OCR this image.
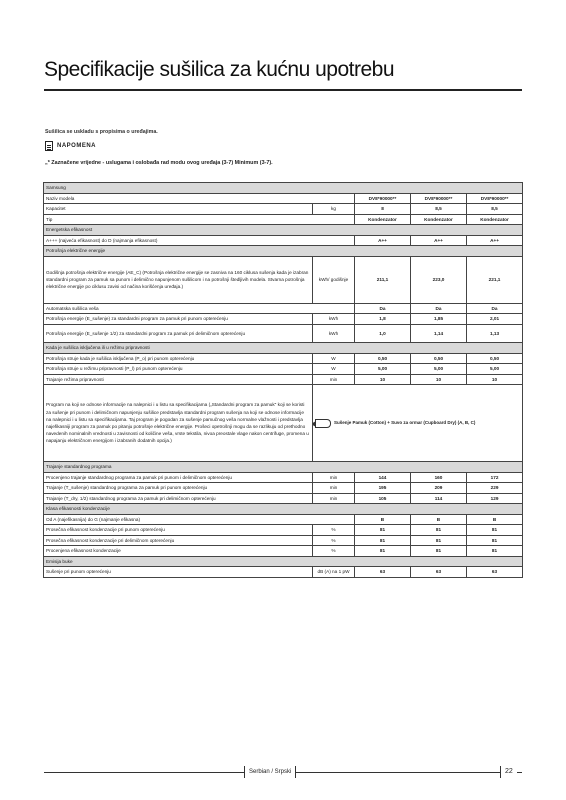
Specifikacije sušilica za kućnu upotrebu
Sušilica se uskladu s propisima o uređajima.
NAPOMENA
„* Zaznačene vrijedne - uslugama i oslobađa rad modu ovog uređaja (3-7) Minimum (3-7).
Samsung				
Naziv modela		DV8*90000**	DV8*90000**	DV8*90000**
Kapacitet	kg	8	8,5	8,5
Tip		Kondenzator	Kondenzator	Kondenzator
Energetska efikasnost				
A+++ (najveća efikasnost) do D (najmanja efikasnost)		A++	A++	A++
Potrošnja električne energije				
Godišnja potrošnja električne energije (AE_C) (Potrošnja električne energije se zasniva na 160 ciklusa sušenja kada je izabran standardni program za pamuk sa punom i delimično napunjenom sušilicom i na potrošnji štedljivih modela. Stvarna potrošnja električne energije po ciklusu zavisi od načina korišćenja uređaja.)	kWh/ godišnje	211,1	223,0	221,1
Automatska sušilica veša		Da	Da	Da
Potrošnja energije (E_sušenje) za standardni program za pamuk pri punom opterećenju	kWh	1,8	1,85	2,01
Potrošnja energije (E_sušenje 1/2) za standardni program za pamuk pri delimičnom opterećenju	kWh	1,0	1,14	1,13
Kada je sušilica isključena ili u režimu pripravnosti				
Potrošnja struje kada je sušilica isključena (P_o) pri punom opterećenju	W	0,50	0,50	0,50
Potrošnja struje u režimu pripravnosti (P_l) pri punom opterećenju	W	5,00	5,00	5,00
Trajanje režima pripravnosti	min	10	10	10
Program na koji se odnose informacije na nalepnici i u listu sa specifikacijama („Standardni program za pamuk“ koji se koristi za sušenje pri punom i delimičnom napunjenju sušilice predstavlja standardni program sušenja na koji se odnose informacije na nalepnici i u listu sa specifikacijama. Taj program je pogodan za sušenje pamučnog veša normalne vlažnosti i predstavlja najefikasniji program za pamuk po pitanju potrošnje električne energije. Prošeci opetrošnji mogu da se razlikuju od prethodno navedenih nominalnih vrednosti u zavisnosti od količine veša, vrste tekstila, nivoa preostale vlage nakon centrifuge, promena u napajanju električnom energijom i izabranih dodatnih opcija.)	Sušenje Pamuk (Cotton) + Suvo za ormar (Cupboard Dry) (A, B, C)			

Trajanje standardnog programa				
Procenjeno trajanje standardnog programa za pamuk pri punom i delimičnom opterećenju	min	144	160	172
Trajanje (T_sušenje) standardnog programa za pamuk pri punom opterećenju	min	195	209	229
Trajanje (T_dry, 1/2) standardnog programa za pamuk pri delimičnom opterećenju	min	105	114	129
Klasa efikasnosti kondenzacije				
Od A (najefikasnija) do G (najmanje efikasna)		B	B	B
Prosečna efikasnost kondenzacije pri punom opterećenju	%	81	81	81
Prosečna efikasnost kondenzacije pri delimičnom opterećenju	%	81	81	81
Procenjena efikasnost kondenzacije	%	81	81	81
Emisija buke				
Sušenje pri punom opterećenju	dB (A) na 1 pW	63	63	63
Serbian / Srpski	22
